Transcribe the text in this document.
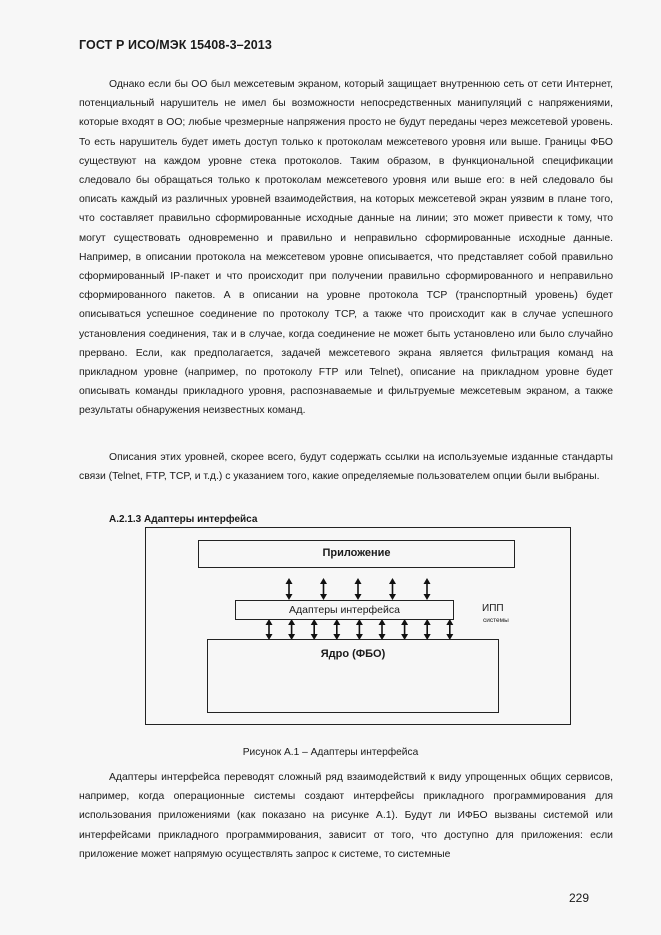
ГОСТ Р ИСО/МЭК 15408-3–2013

Однако если бы ОО был межсетевым экраном, который защищает внутреннюю сеть от сети Интернет, потенциальный нарушитель не имел бы возможности непосредственных манипуляций с напряжениями, которые входят в ОО; любые чрезмерные напряжения просто не будут переданы через межсетевой уровень. То есть нарушитель будет иметь доступ только к протоколам межсетевого уровня или выше. Границы ФБО существуют на каждом уровне стека протоколов. Таким образом, в функциональной спецификации следовало бы обращаться только к протоколам межсетевого уровня или выше его: в ней следовало бы описать каждый из различных уровней взаимодействия, на которых межсетевой экран уязвим в плане того, что составляет правильно сформированные исходные данные на линии; это может привести к тому, что могут существовать одновременно и правильно и неправильно сформированные исходные данные. Например, в описании протокола на межсетевом уровне описывается, что представляет собой правильно сформированный IP-пакет и что происходит при получении правильно сформированного и неправильно сформированного пакетов. А в описании на уровне протокола TCP (транспортный уровень) будет описываться успешное соединение по протоколу TCP, а также что происходит как в случае успешного установления соединения, так и в случае, когда соединение не может быть установлено или было случайно прервано. Если, как предполагается, задачей межсетевого экрана является фильтрация команд на прикладном уровне (например, по протоколу FTP или Telnet), описание на прикладном уровне будет описывать команды прикладного уровня, распознаваемые и фильтруемые межсетевым экраном, а также результаты обнаружения неизвестных команд.

Описания этих уровней, скорее всего, будут содержать ссылки на используемые изданные стандарты связи (Telnet, FTP, TCP, и т.д.) с указанием того, какие определяемые пользователем опции были выбраны.

А.2.1.3 Адаптеры интерфейса
Приложение
Адаптеры интерфейса
Ядро (ФБО)
ИПП
системы
Рисунок А.1 – Адаптеры интерфейса

Адаптеры интерфейса переводят сложный ряд взаимодействий к виду упрощенных общих сервисов, например, когда операционные системы создают интерфейсы прикладного программирования для использования приложениями (как показано на рисунке А.1). Будут ли ИФБО вызваны системой или интерфейсами прикладного программирования, зависит от того, что доступно для приложения: если приложение может напрямую осуществлять запрос к системе, то системные

229
